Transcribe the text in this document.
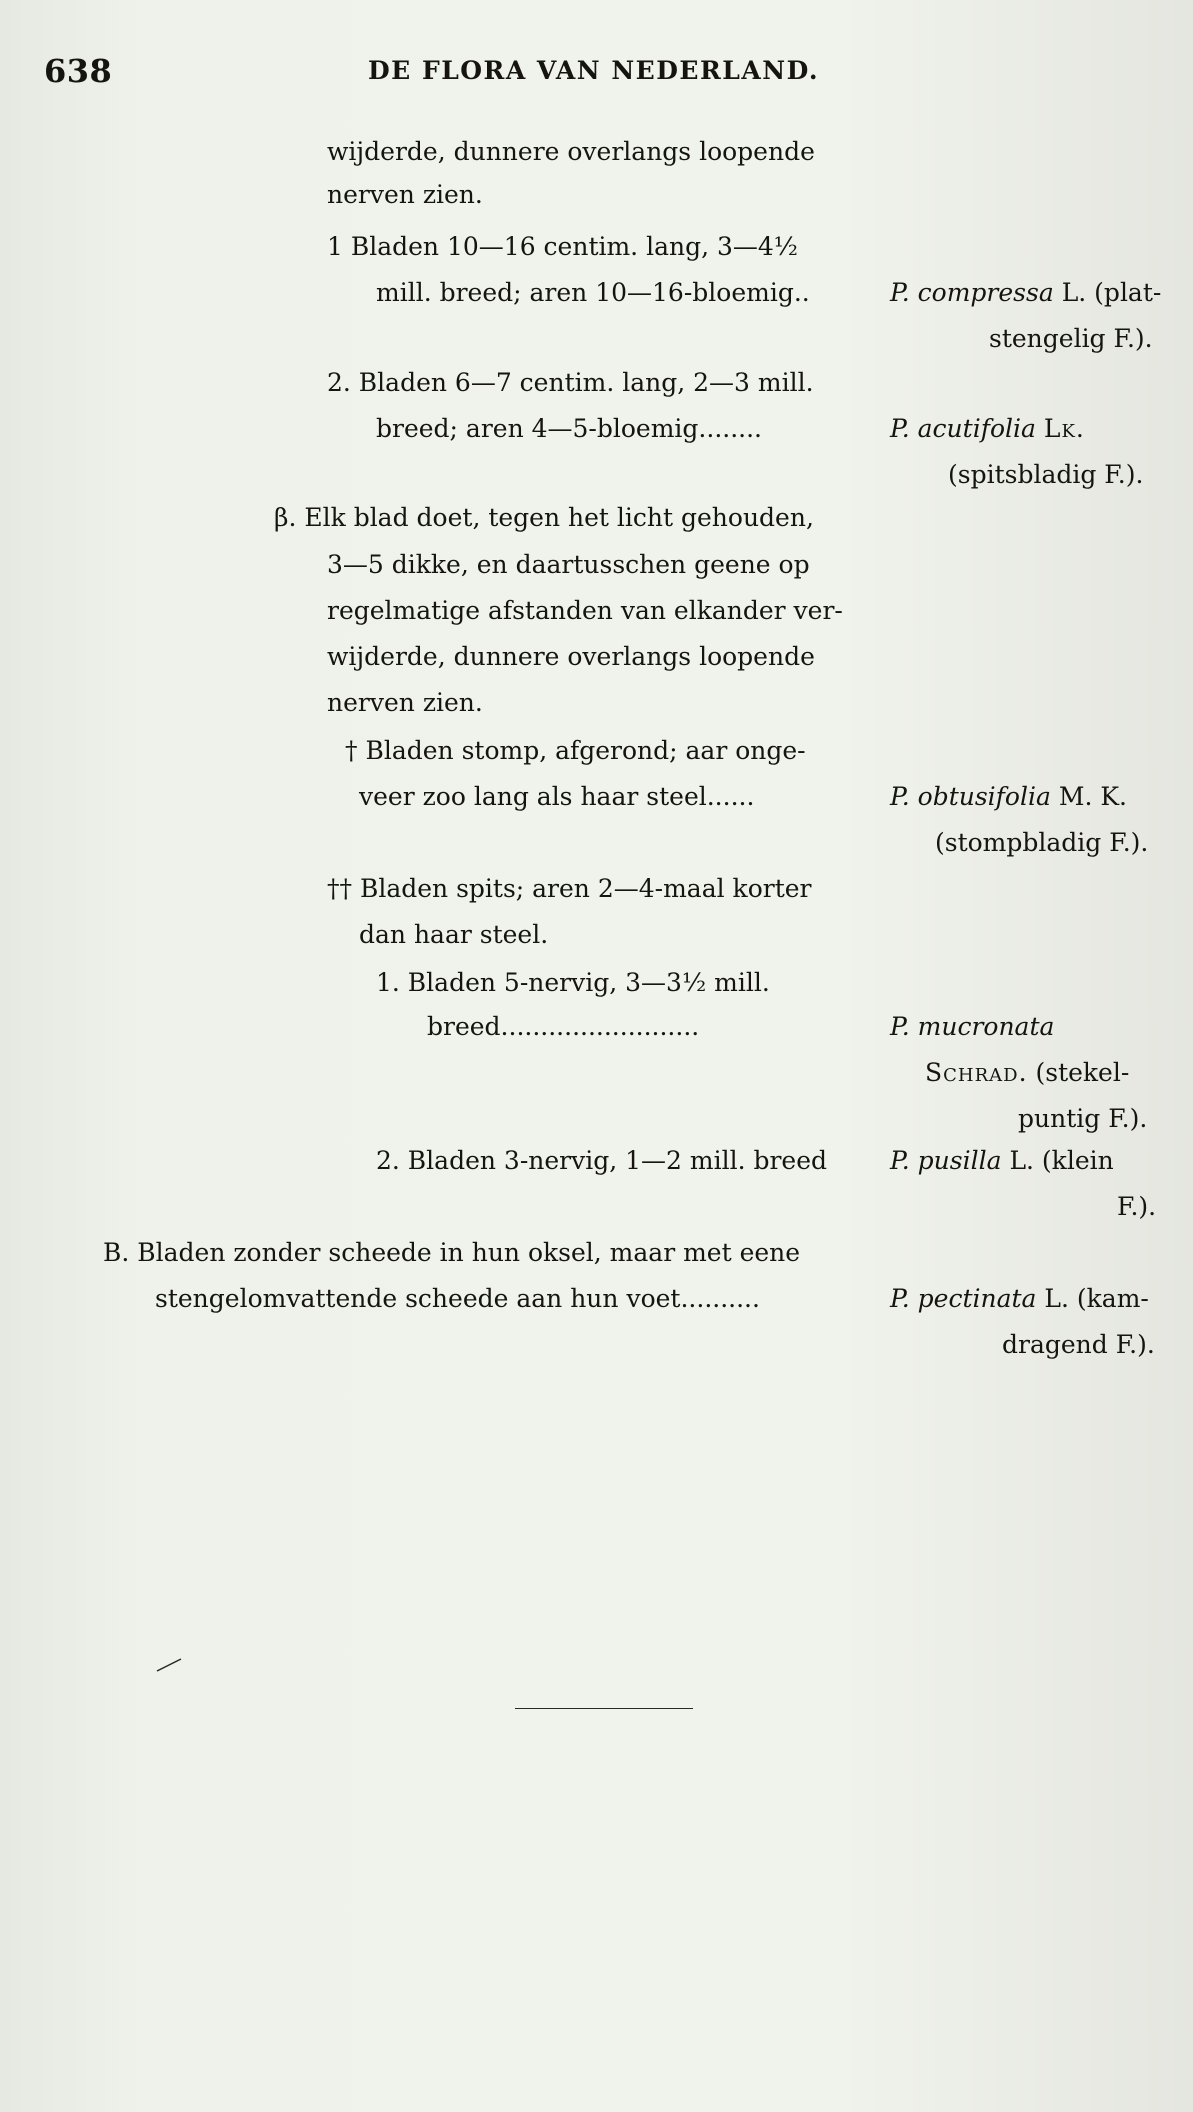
638	DE FLORA VAN NEDERLAND.
wijderde, dunnere overlangs loopende
nerven zien.
1 Bladen 10—16 centim. lang, 3—4½
mill. breed; aren 10—16-bloemig..
2. Bladen 6—7 centim. lang, 2—3 mill.
breed; aren 4—5-bloemig........
β. Elk blad doet, tegen het licht gehouden,
3—5 dikke, en daartusschen geene op
regelmatige afstanden van elkander ver-
wijderde, dunnere overlangs loopende
nerven zien.
† Bladen stomp, afgerond; aar onge-
veer zoo lang als haar steel......
†† Bladen spits; aren 2—4-maal korter
dan haar steel.
1. Bladen 5-nervig, 3—3½ mill.
breed.........................
2. Bladen 3-nervig, 1—2 mill. breed
B. Bladen zonder scheede in hun oksel, maar met eene
stengelomvattende scheede aan hun voet..........
P. compressa L. (plat-
stengelig F.).
P. acutifolia Lk.
(spitsbladig F.).
P. obtusifolia M. K.
(stompbladig F.).
P. mucronata
Schrad. (stekel-
puntig F.).
P. pusilla L. (klein
F.).
P. pectinata L. (kam-
dragend F.).
